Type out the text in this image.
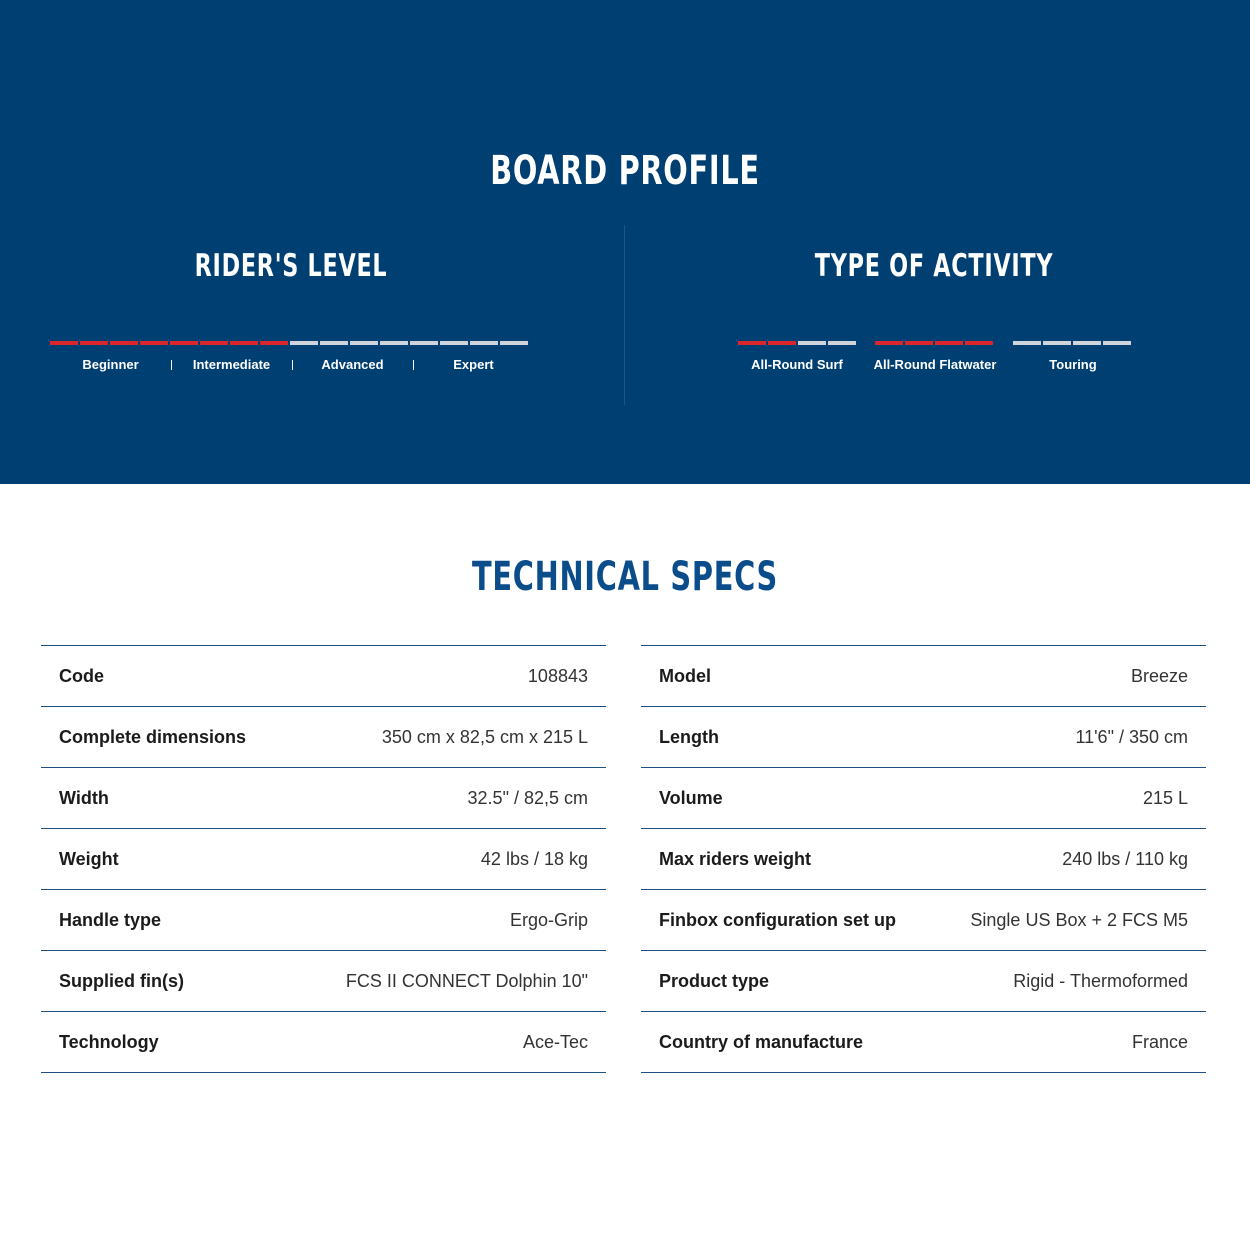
BOARD PROFILE
RIDER'S LEVEL
Beginner	Intermediate	Advanced	Expert
TYPE OF ACTIVITY
All-Round Surf	All-Round Flatwater	Touring
TECHNICAL SPECS
Code	108843
Complete dimensions	350 cm x 82,5 cm x 215 L
Width	32.5" / 82,5 cm
Weight	42 lbs / 18 kg
Handle type	Ergo-Grip
Supplied fin(s)	FCS II CONNECT Dolphin 10"
Technology	Ace-Tec
Model	Breeze
Length	11'6" / 350 cm
Volume	215 L
Max riders weight	240 lbs / 110 kg
Finbox configuration set up	Single US Box + 2 FCS M5
Product type	Rigid - Thermoformed
Country of manufacture	France
